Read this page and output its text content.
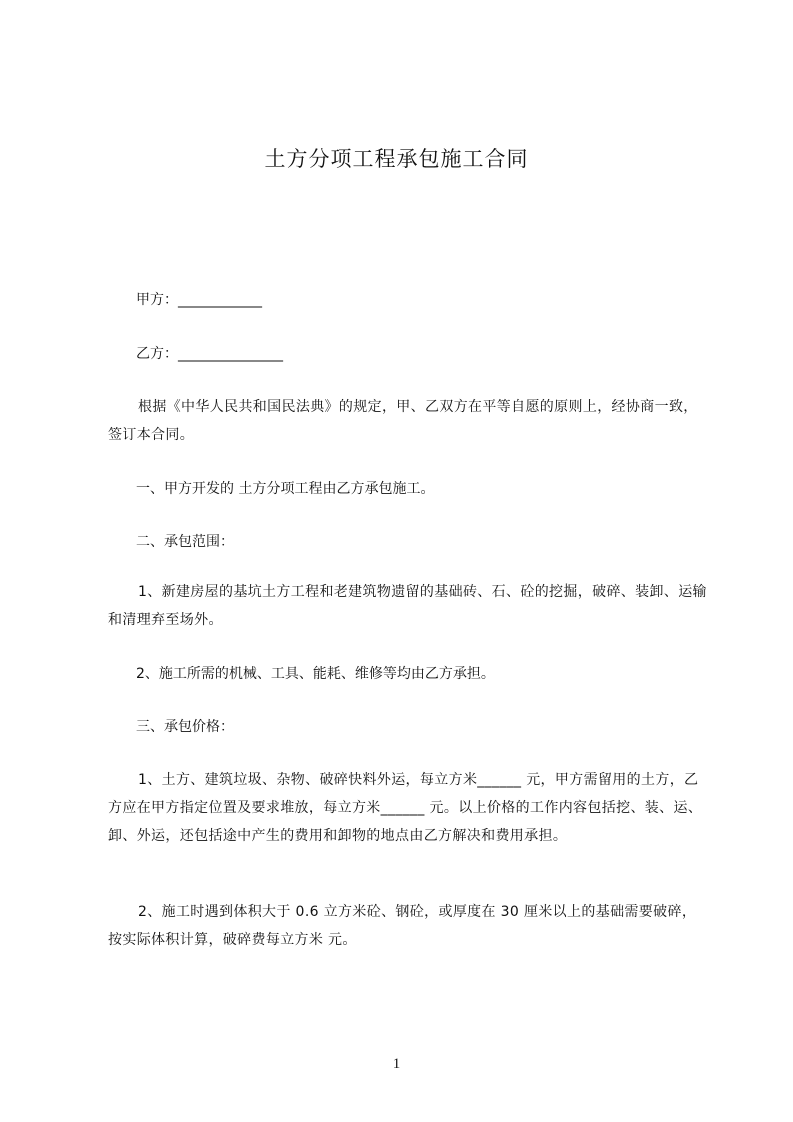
土方分项工程承包施工合同

甲方：____________

乙方：_______________

根据《中华人民共和国民法典》的规定，甲、乙双方在平等自愿的原则上，经协商一致，签订本合同。

一、甲方开发的 土方分项工程由乙方承包施工。

二、承包范围：

1、新建房屋的基坑土方工程和老建筑物遗留的基础砖、石、砼的挖掘，破碎、装卸、运输和清理弃至场外。

2、施工所需的机械、工具、能耗、维修等均由乙方承担。

三、承包价格：

1、土方、建筑垃圾、杂物、破碎快料外运，每立方米______ 元，甲方需留用的土方，乙方应在甲方指定位置及要求堆放，每立方米______ 元。以上价格的工作内容包括挖、装、运、卸、外运，还包括途中产生的费用和卸物的地点由乙方解决和费用承担。

2、施工时遇到体积大于 0.6 立方米砼、钢砼，或厚度在 30 厘米以上的基础需要破碎，按实际体积计算，破碎费每立方米 元。

1
